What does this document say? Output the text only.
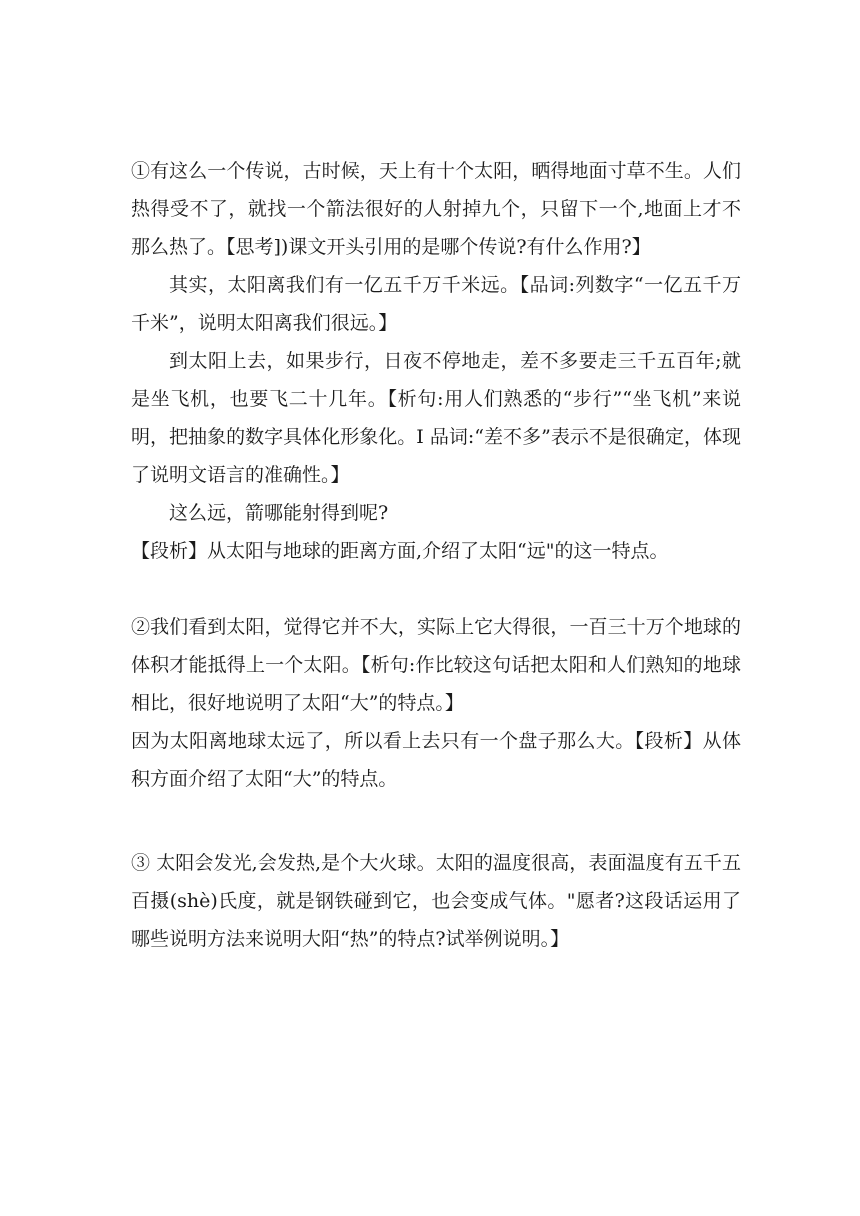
①有这么一个传说，古时候，天上有十个太阳，晒得地面寸草不生。人们热得受不了，就找一个箭法很好的人射掉九个，只留下一个,地面上才不那么热了。【思考])课文开头引用的是哪个传说?有什么作用?】

其实，太阳离我们有一亿五千万千米远。【品词:列数字“一亿五千万千米”，说明太阳离我们很远。】

到太阳上去，如果步行，日夜不停地走，差不多要走三千五百年;就是坐飞机，也要飞二十几年。【析句:用人们熟悉的“步行”“坐飞机”来说明，把抽象的数字具体化形象化。I 品词:“差不多”表示不是很确定，体现了说明文语言的准确性。】

这么远，箭哪能射得到呢?

【段析】从太阳与地球的距离方面,介绍了太阳“远"的这一特点。

②我们看到太阳，觉得它并不大，实际上它大得很，一百三十万个地球的体积才能抵得上一个太阳。【析句:作比较这句话把太阳和人们熟知的地球相比，很好地说明了太阳“大”的特点。】

因为太阳离地球太远了，所以看上去只有一个盘子那么大。【段析】从体积方面介绍了太阳“大”的特点。

③ 太阳会发光,会发热,是个大火球。太阳的温度很高，表面温度有五千五百摄(shè)氏度，就是钢铁碰到它，也会变成气体。"愿者?这段话运用了哪些说明方法来说明大阳“热”的特点?试举例说明。】
